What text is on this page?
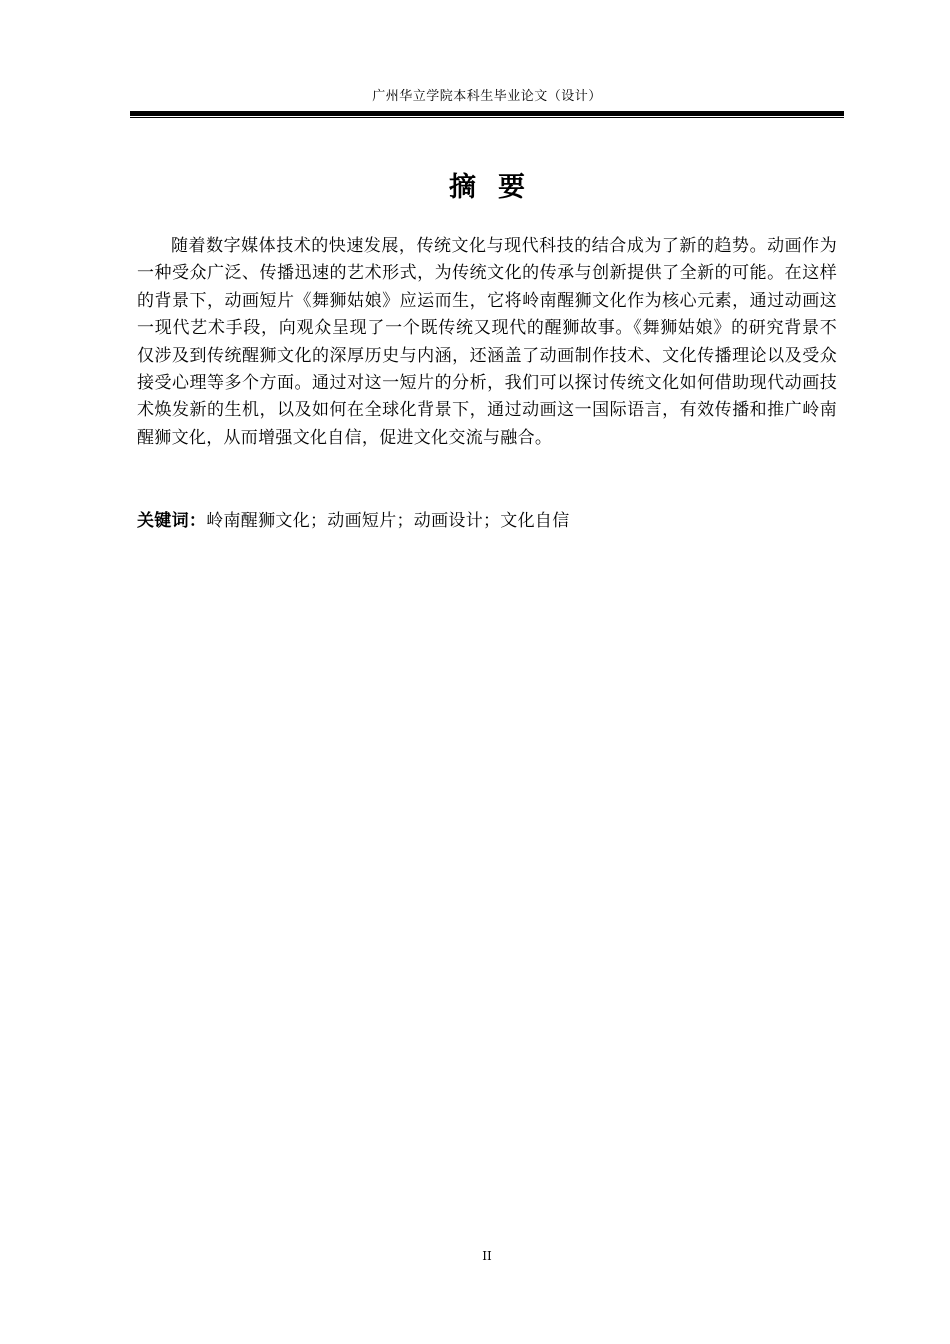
广州华立学院本科生毕业论文（设计）
摘要

随着数字媒体技术的快速发展，传统文化与现代科技的结合成为了新的趋势。动画作为一种受众广泛、传播迅速的艺术形式，为传统文化的传承与创新提供了全新的可能。在这样的背景下，动画短片《舞狮姑娘》应运而生，它将岭南醒狮文化作为核心元素，通过动画这一现代艺术手段，向观众呈现了一个既传统又现代的醒狮故事。《舞狮姑娘》的研究背景不仅涉及到传统醒狮文化的深厚历史与内涵，还涵盖了动画制作技术、文化传播理论以及受众接受心理等多个方面。通过对这一短片的分析，我们可以探讨传统文化如何借助现代动画技术焕发新的生机，以及如何在全球化背景下，通过动画这一国际语言，有效传播和推广岭南醒狮文化，从而增强文化自信，促进文化交流与融合。

关键词：岭南醒狮文化；动画短片；动画设计；文化自信
II
